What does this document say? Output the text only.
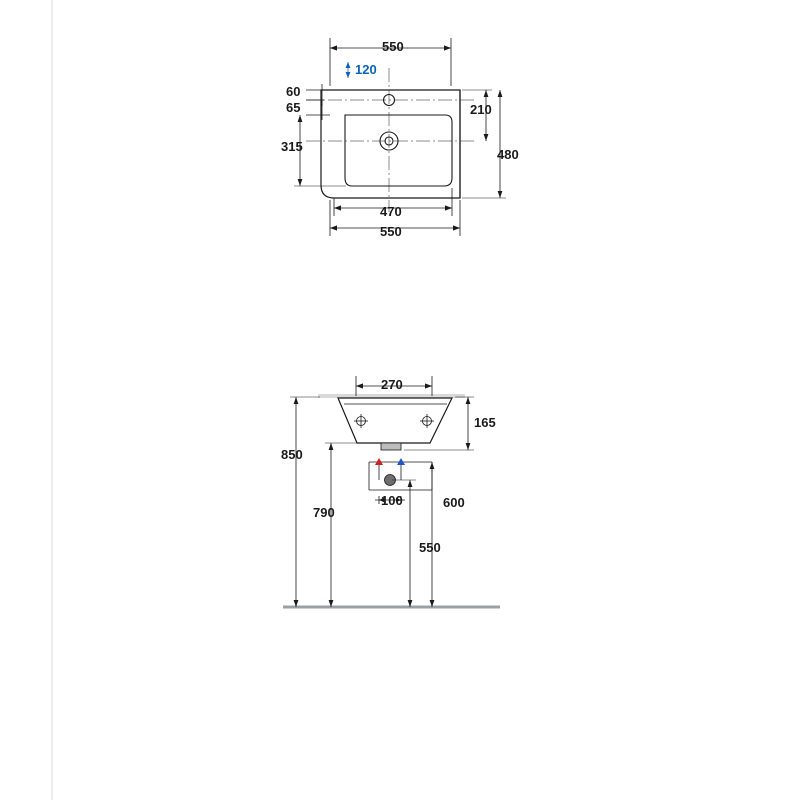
550
120
60
65
315
210
480
470
550
270
165
850
790
100	600
550
